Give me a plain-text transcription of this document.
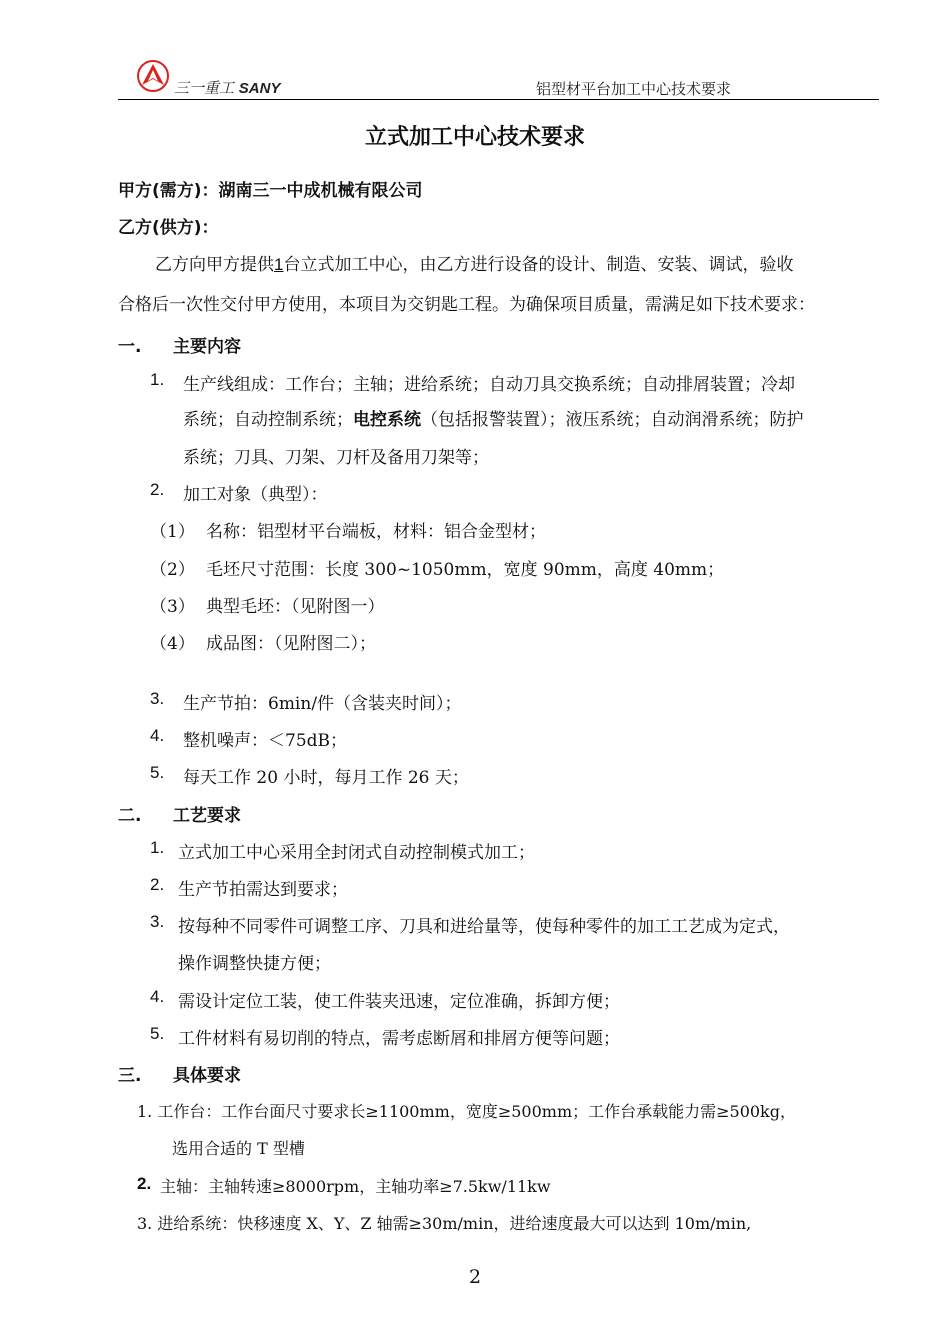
三一重工 SANY	铝型材平台加工中心技术要求
立式加工中心技术要求
甲方(需方)：湖南三一中成机械有限公司
乙方(供方)：
乙方向甲方提供1台立式加工中心，由乙方进行设备的设计、制造、安装、调试，验收
合格后一次性交付甲方使用，本项目为交钥匙工程。为确保项目质量，需满足如下技术要求：
一. 主要内容
1. 生产线组成：工作台；主轴；进给系统；自动刀具交换系统；自动排屑装置；冷却
系统；自动控制系统；电控系统（包括报警装置）；液压系统；自动润滑系统；防护
系统；刀具、刀架、刀杆及备用刀架等；
2. 加工对象（典型）：
（1） 名称：铝型材平台端板，材料：铝合金型材；
（2） 毛坯尺寸范围：长度 300~1050mm，宽度 90mm，高度 40mm；
（3） 典型毛坯：（见附图一）
（4） 成品图：（见附图二）；
3. 生产节拍：6min/件（含装夹时间）；
4. 整机噪声：＜75dB；
5. 每天工作 20 小时，每月工作 26 天；
二. 工艺要求
1. 立式加工中心采用全封闭式自动控制模式加工；
2. 生产节拍需达到要求；
3. 按每种不同零件可调整工序、刀具和进给量等，使每种零件的加工工艺成为定式，
操作调整快捷方便；
4. 需设计定位工装，使工件装夹迅速，定位准确，拆卸方便；
5. 工件材料有易切削的特点，需考虑断屑和排屑方便等问题；
三. 具体要求
1. 工作台：工作台面尺寸要求长≥1100mm，宽度≥500mm；工作台承载能力需≥500kg，
选用合适的 T 型槽
2. 主轴：主轴转速≥8000rpm，主轴功率≥7.5kw/11kw
3. 进给系统：快移速度 X、Y、Z 轴需≥30m/min，进给速度最大可以达到 10m/min,
2
